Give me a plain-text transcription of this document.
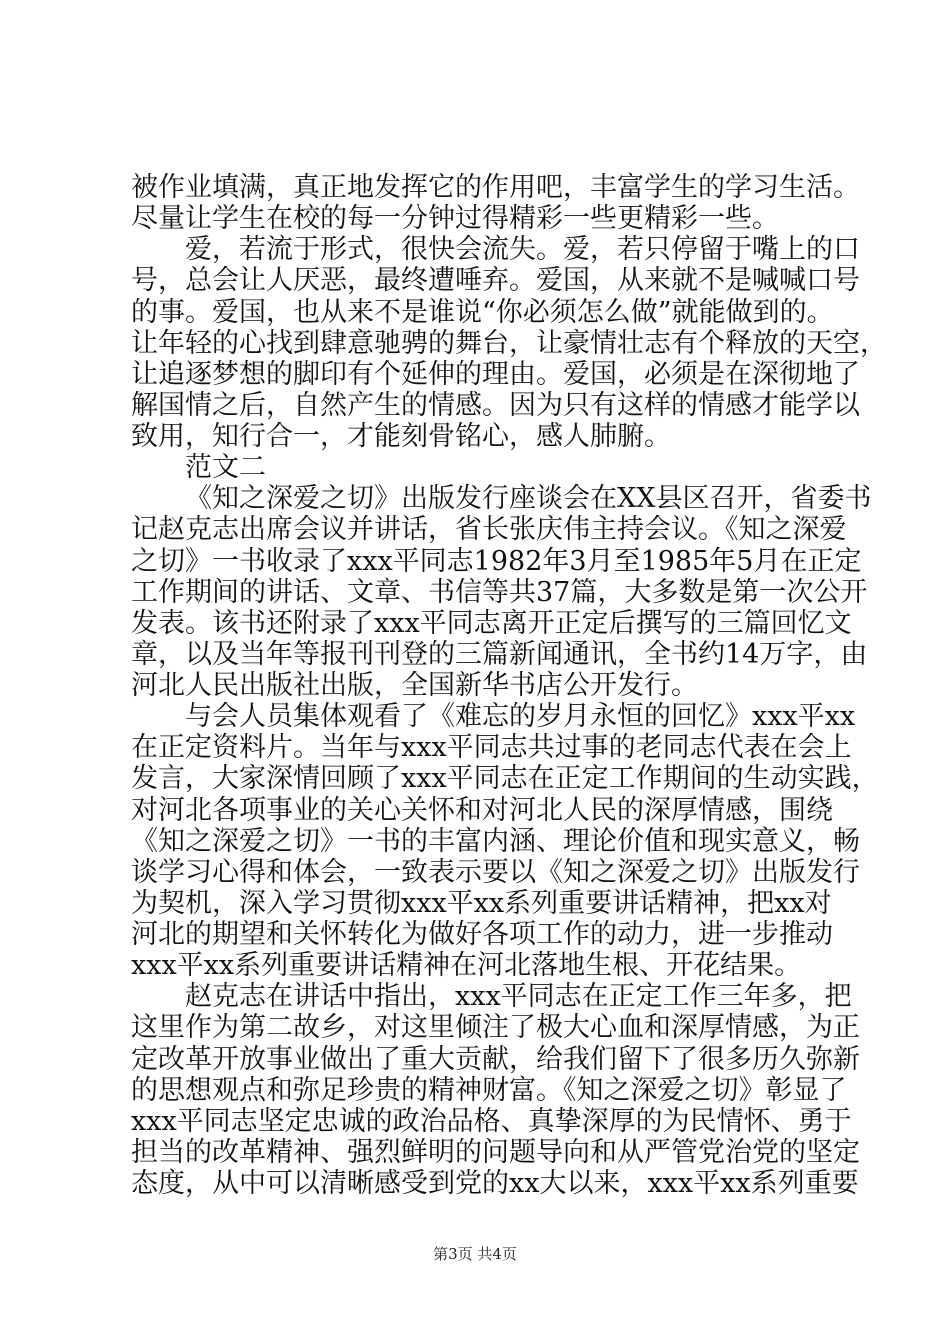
被作业填满，真正地发挥它的作用吧，丰富学生的学习生活。
尽量让学生在校的每一分钟过得精彩一些更精彩一些。
爱，若流于形式，很快会流失。爱，若只停留于嘴上的口
号，总会让人厌恶，最终遭唾弃。爱国，从来就不是喊喊口号
的事。爱国，也从来不是谁说“你必须怎么做”就能做到的。
让年轻的心找到肆意驰骋的舞台，让豪情壮志有个释放的天空，
让追逐梦想的脚印有个延伸的理由。爱国，必须是在深彻地了
解国情之后，自然产生的情感。因为只有这样的情感才能学以
致用，知行合一，才能刻骨铭心，感人肺腑。
范文二
《知之深爱之切》出版发行座谈会在XX县区召开，省委书
记赵克志出席会议并讲话，省长张庆伟主持会议。《知之深爱
之切》一书收录了xxx平同志1982年3月至1985年5月在正定
工作期间的讲话、文章、书信等共37篇，大多数是第一次公开
发表。该书还附录了xxx平同志离开正定后撰写的三篇回忆文
章，以及当年等报刊刊登的三篇新闻通讯，全书约14万字，由
河北人民出版社出版，全国新华书店公开发行。
与会人员集体观看了《难忘的岁月永恒的回忆》xxx平xx
在正定资料片。当年与xxx平同志共过事的老同志代表在会上
发言，大家深情回顾了xxx平同志在正定工作期间的生动实践，
对河北各项事业的关心关怀和对河北人民的深厚情感，围绕
《知之深爱之切》一书的丰富内涵、理论价值和现实意义，畅
谈学习心得和体会，一致表示要以《知之深爱之切》出版发行
为契机，深入学习贯彻xxx平xx系列重要讲话精神，把xx对
河北的期望和关怀转化为做好各项工作的动力，进一步推动
xxx平xx系列重要讲话精神在河北落地生根、开花结果。
赵克志在讲话中指出，xxx平同志在正定工作三年多，把
这里作为第二故乡，对这里倾注了极大心血和深厚情感，为正
定改革开放事业做出了重大贡献，给我们留下了很多历久弥新
的思想观点和弥足珍贵的精神财富。《知之深爱之切》彰显了
xxx平同志坚定忠诚的政治品格、真挚深厚的为民情怀、勇于
担当的改革精神、强烈鲜明的问题导向和从严管党治党的坚定
态度，从中可以清晰感受到党的xx大以来，xxx平xx系列重要
第3页 共4页
